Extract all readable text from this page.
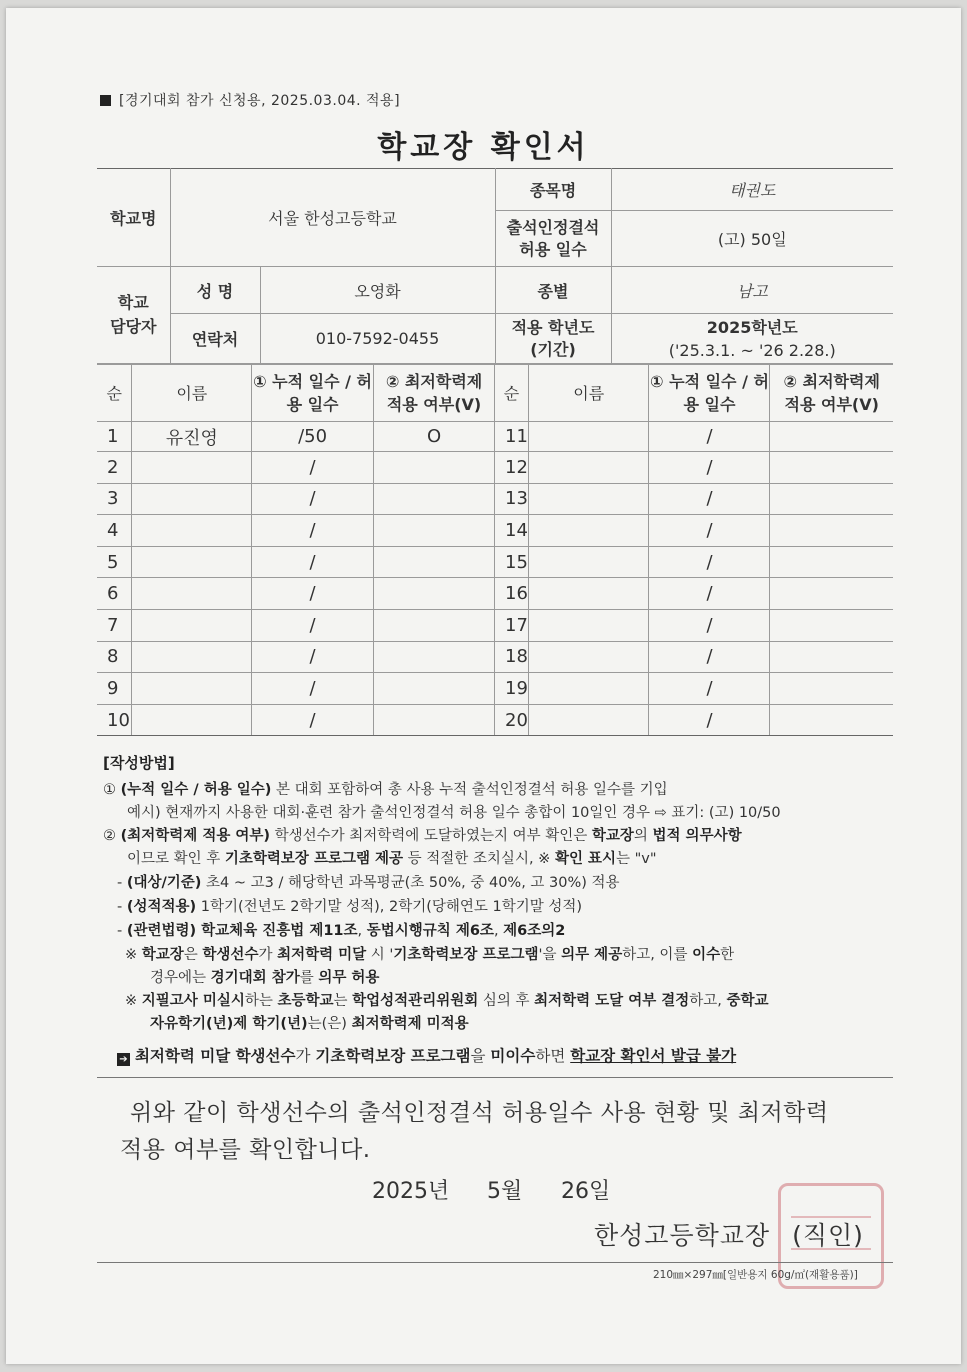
[경기대회 참가 신청용, 2025.03.04. 적용]
학교장 확인서
학교명	서울 한성고등학교		종목명	태권도

			출석인정결석 허용 일수	(고) 50일

학교 담당자	성 명	오영화	종별	남고
	연락처	010-7592-0455	적용 학년도 (기간)	2025학년도
('25.3.1. ~ '26 2.28.)
순	이름	① 누적 일수 / 허용 일수	② 최저학력제 적용 여부(V)	순	이름	① 누적 일수 / 허용 일수	② 최저학력제 적용 여부(V)

1	유진영	/50	O	11		/	
2		/		12		/	
3		/		13		/	
4		/		14		/	
5		/		15		/	
6		/		16		/	
7		/		17		/	
8		/		18		/	
9		/		19		/	
10		/		20		/	
[작성방법]
① (누적 일수 / 허용 일수) 본 대회 포함하여 총 사용 누적 출석인정결석 허용 일수를 기입
예시) 현재까지 사용한 대회·훈련 참가 출석인정결석 허용 일수 총합이 10일인 경우 ⇨ 표기: (고) 10/50
② (최저학력제 적용 여부) 학생선수가 최저학력에 도달하였는지 여부 확인은 학교장의 법적 의무사항
이므로 확인 후 기초학력보장 프로그램 제공 등 적절한 조치실시, ※ 확인 표시는 "v"
- (대상/기준) 초4 ~ 고3 / 해당학년 과목평균(초 50%, 중 40%, 고 30%) 적용
- (성적적용) 1학기(전년도 2학기말 성적), 2학기(당해연도 1학기말 성적)
- (관련법령) 학교체육 진흥법 제11조, 동법시행규칙 제6조, 제6조의2
※ 학교장은 학생선수가 최저학력 미달 시 '기초학력보장 프로그램'을 의무 제공하고, 이를 이수한
경우에는 경기대회 참가를 의무 허용
※ 지필고사 미실시하는 초등학교는 학업성적관리위원회 심의 후 최저학력 도달 여부 결정하고, 중학교
자유학기(년)제 학기(년)는(은) 최저학력제 미적용
➔ 최저학력 미달 학생선수가 기초학력보장 프로그램을 미이수하면 학교장 확인서 발급 불가
위와 같이 학생선수의 출석인정결석 허용일수 사용 현황 및 최저학력
적용 여부를 확인합니다.
2025년 5월 26일
한성고등학교장 (직인)
210㎜×297㎜[일반용지 60g/㎡(재활용품)]
